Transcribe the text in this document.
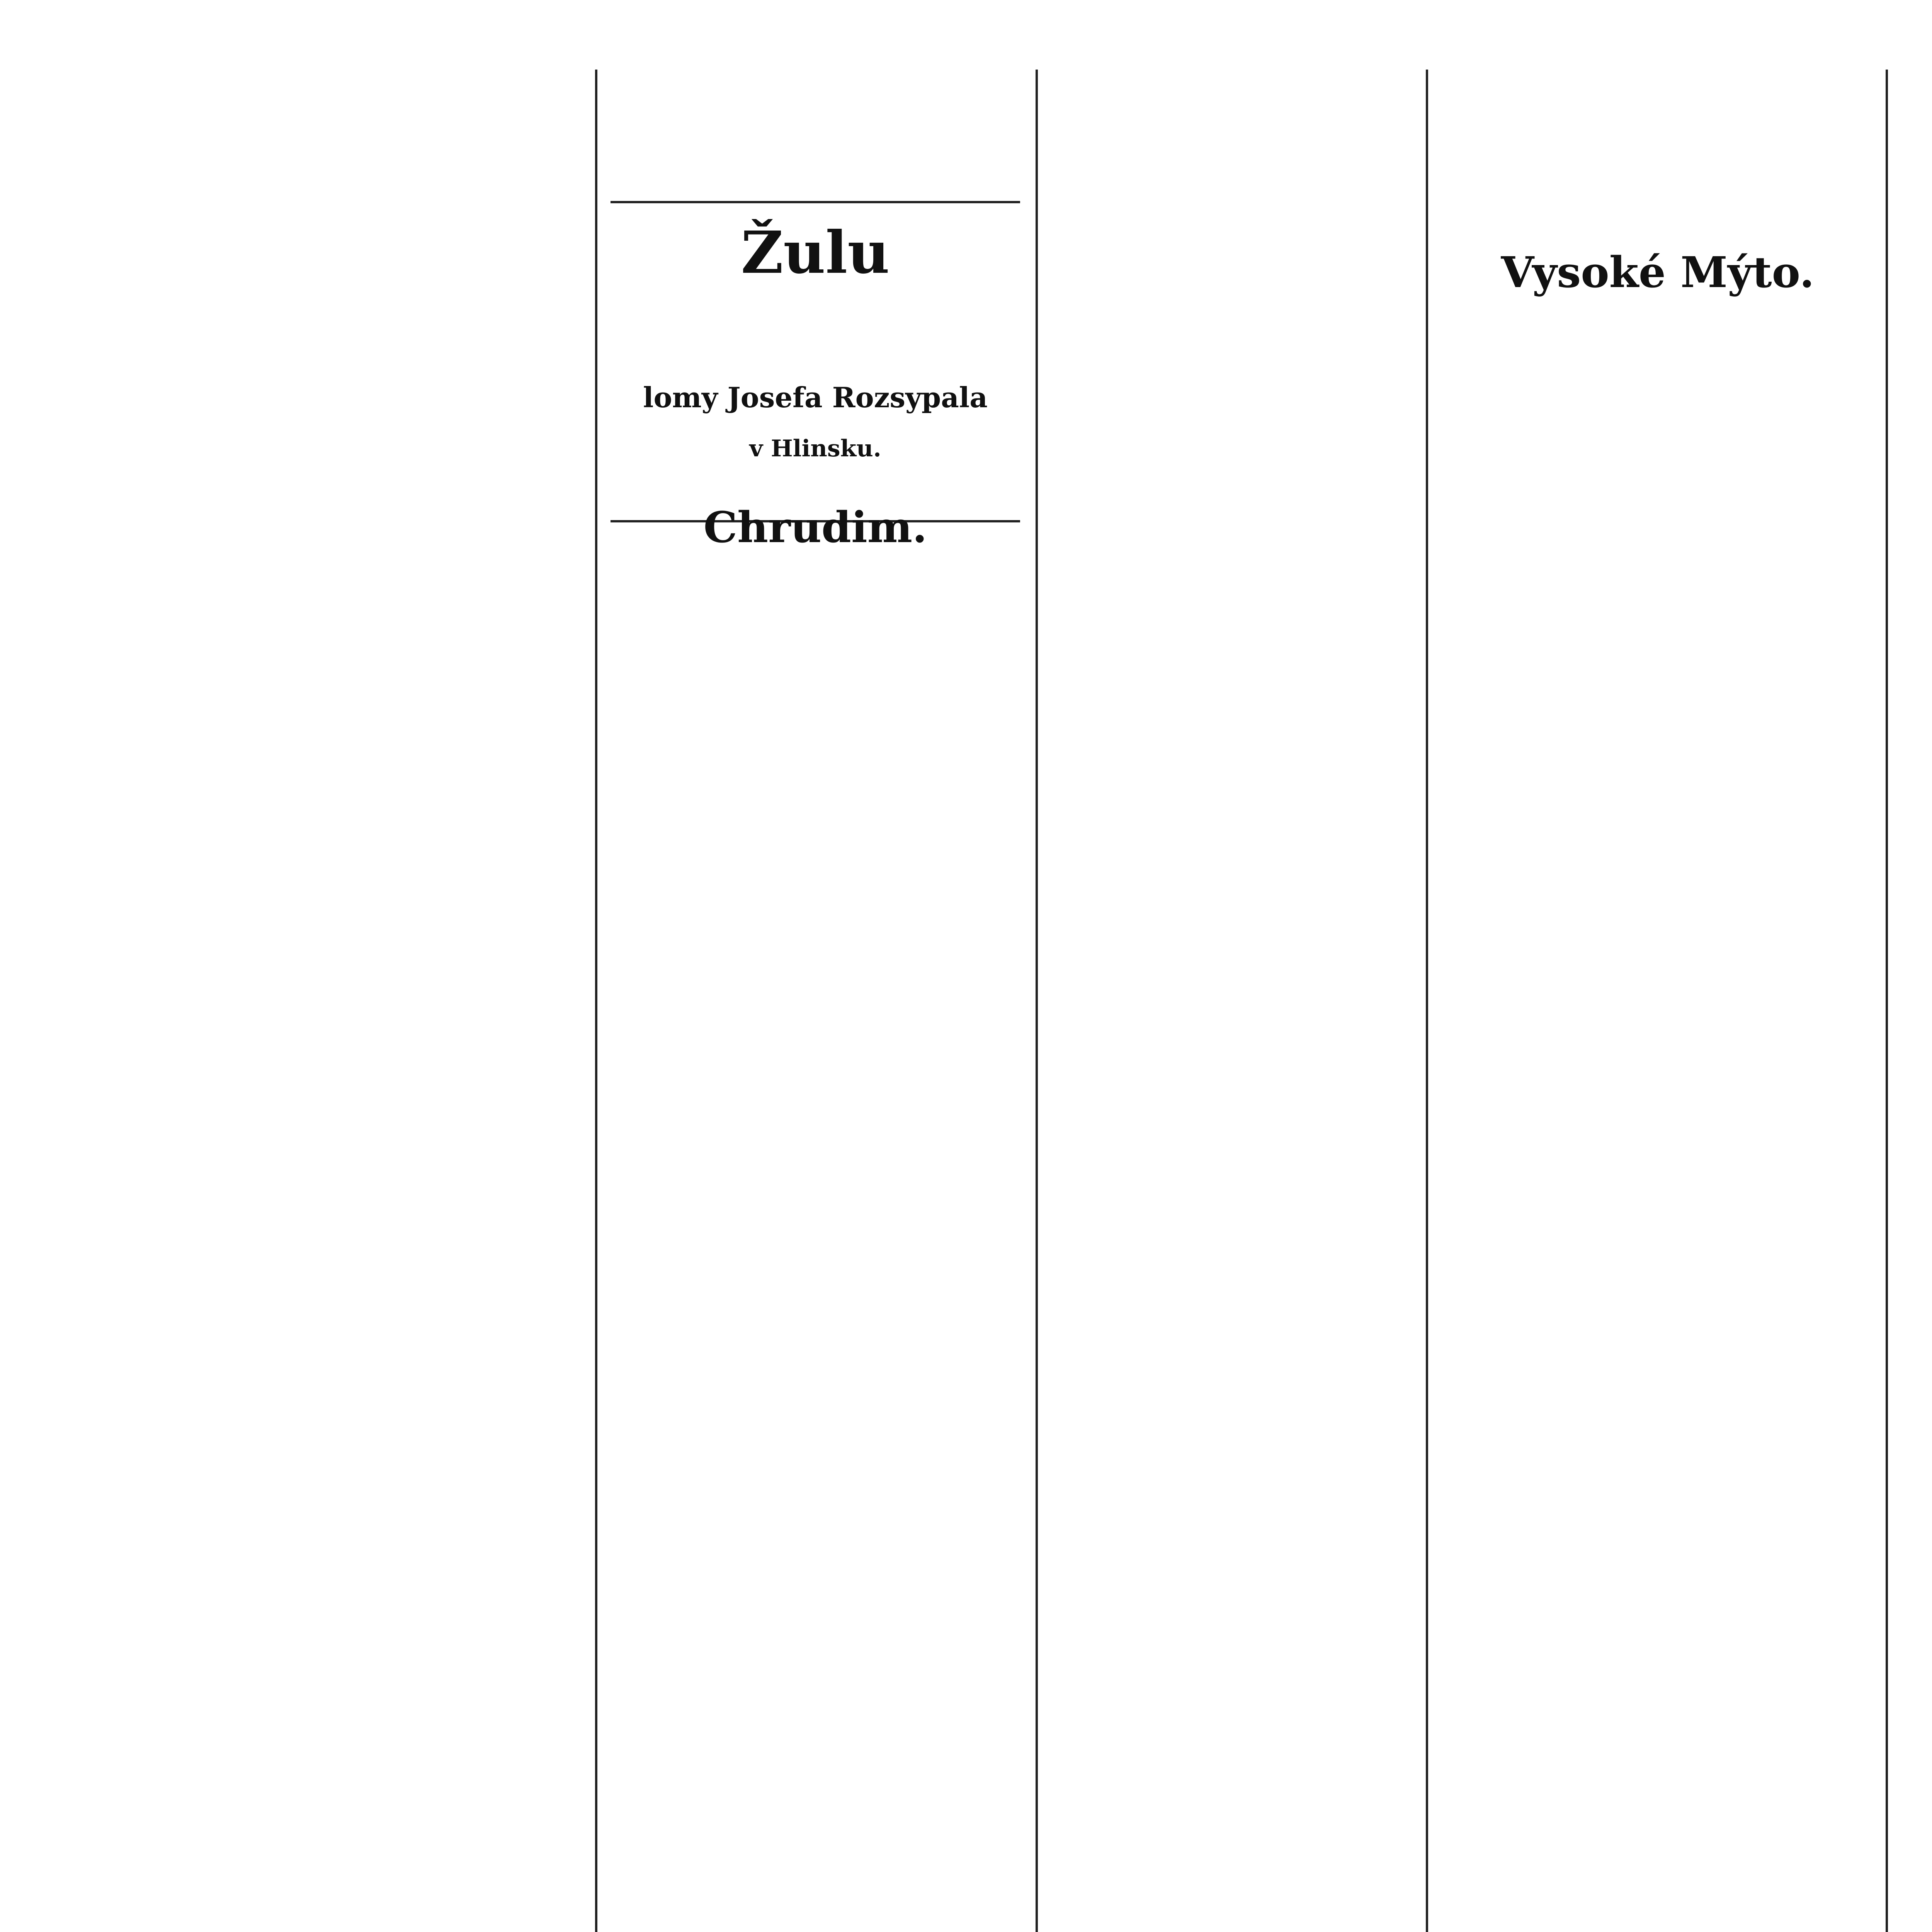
Žulu
lomy Josefa Rozsypala
v Hlinsku.
Chrudim.
Vysoké Mýto.
